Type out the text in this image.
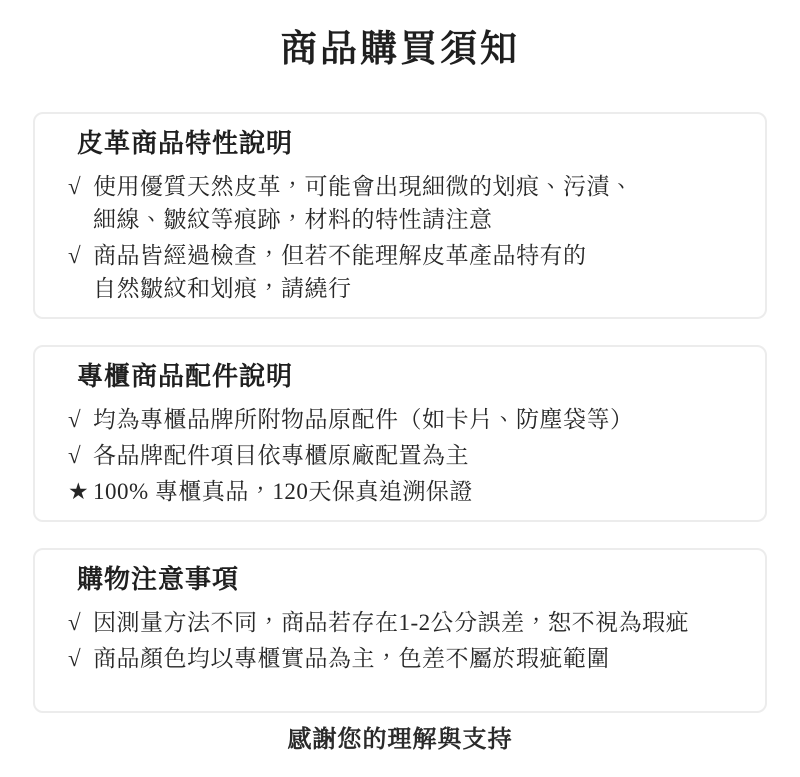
商品購買須知
皮革商品特性說明
√ 使用優質天然皮革，可能會出現細微的划痕、污漬、
細線、皺紋等痕跡，材料的特性請注意
√ 商品皆經過檢查，但若不能理解皮革產品特有的
自然皺紋和划痕，請繞行
專櫃商品配件說明
√ 均為專櫃品牌所附物品原配件（如卡片、防塵袋等）
√ 各品牌配件項目依專櫃原廠配置為主
★ 100% 專櫃真品，120天保真追溯保證
購物注意事項
√ 因測量方法不同，商品若存在1-2公分誤差，恕不視為瑕疵
√ 商品顏色均以專櫃實品為主，色差不屬於瑕疵範圍
感謝您的理解與支持
